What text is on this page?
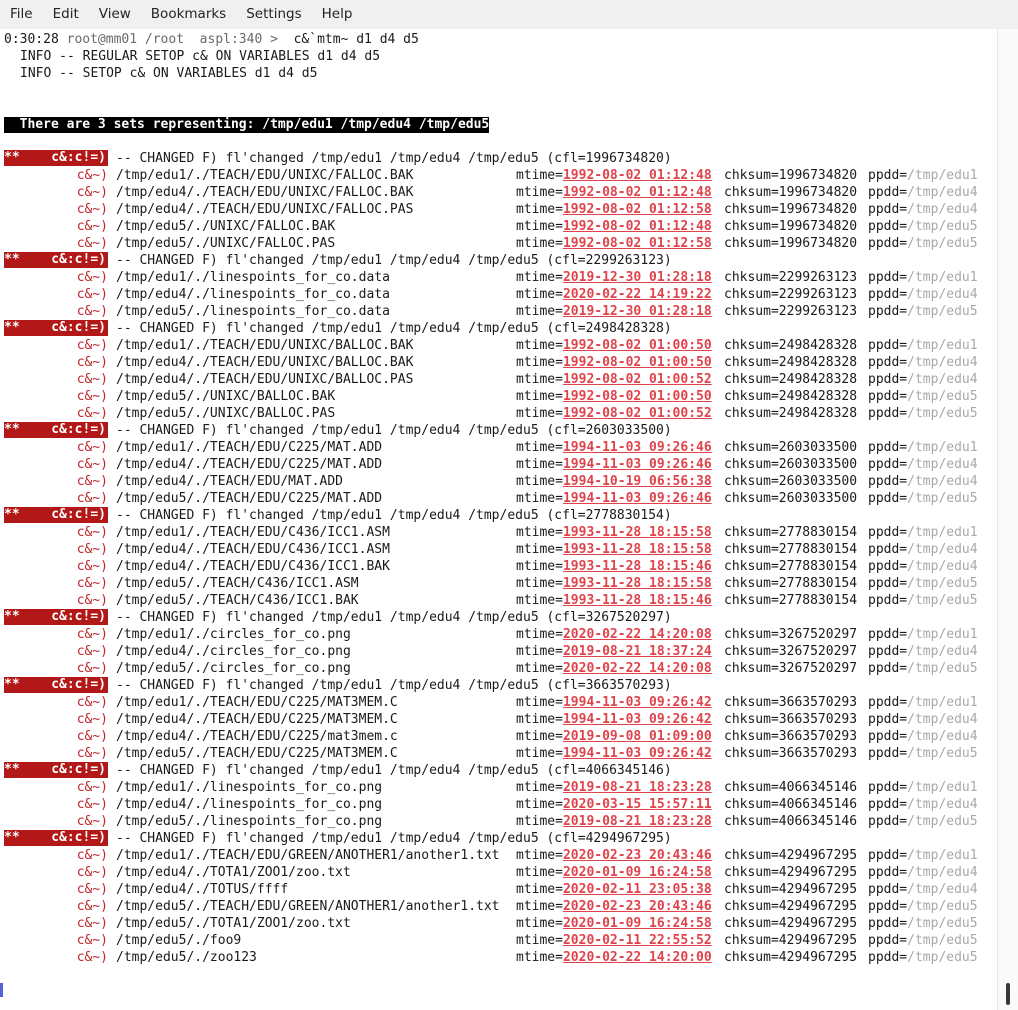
File	Edit	View	Bookmarks	Settings	Help
0:30:28 root@mm01 /root  aspl:340 > c&`mtm~ d1 d4 d5
INFO -- REGULAR SETOP c& ON VARIABLES d1 d4 d5
INFO -- SETOP c& ON VARIABLES d1 d4 d5
There are 3 sets representing: /tmp/edu1 /tmp/edu4 /tmp/edu5
** c&:c!=) -- CHANGED F) fl'changed /tmp/edu1 /tmp/edu4 /tmp/edu5 (cfl=1996734820)
c&~) /tmp/edu1/./TEACH/EDU/UNIXC/FALLOC.BAK	mtime=1992-08-02 01:12:48 chksum=1996734820 ppdd=/tmp/edu1
c&~) /tmp/edu4/./TEACH/EDU/UNIXC/FALLOC.BAK	mtime=1992-08-02 01:12:48 chksum=1996734820 ppdd=/tmp/edu4
c&~) /tmp/edu4/./TEACH/EDU/UNIXC/FALLOC.PAS	mtime=1992-08-02 01:12:58 chksum=1996734820 ppdd=/tmp/edu4
c&~) /tmp/edu5/./UNIXC/FALLOC.BAK	mtime=1992-08-02 01:12:48 chksum=1996734820 ppdd=/tmp/edu5
c&~) /tmp/edu5/./UNIXC/FALLOC.PAS	mtime=1992-08-02 01:12:58 chksum=1996734820 ppdd=/tmp/edu5
** c&:c!=) -- CHANGED F) fl'changed /tmp/edu1 /tmp/edu4 /tmp/edu5 (cfl=2299263123)
c&~) /tmp/edu1/./linespoints_for_co.data	mtime=2019-12-30 01:28:18 chksum=2299263123 ppdd=/tmp/edu1
c&~) /tmp/edu4/./linespoints_for_co.data	mtime=2020-02-22 14:19:22 chksum=2299263123 ppdd=/tmp/edu4
c&~) /tmp/edu5/./linespoints_for_co.data	mtime=2019-12-30 01:28:18 chksum=2299263123 ppdd=/tmp/edu5
** c&:c!=) -- CHANGED F) fl'changed /tmp/edu1 /tmp/edu4 /tmp/edu5 (cfl=2498428328)
c&~) /tmp/edu1/./TEACH/EDU/UNIXC/BALLOC.BAK	mtime=1992-08-02 01:00:50 chksum=2498428328 ppdd=/tmp/edu1
c&~) /tmp/edu4/./TEACH/EDU/UNIXC/BALLOC.BAK	mtime=1992-08-02 01:00:50 chksum=2498428328 ppdd=/tmp/edu4
c&~) /tmp/edu4/./TEACH/EDU/UNIXC/BALLOC.PAS	mtime=1992-08-02 01:00:52 chksum=2498428328 ppdd=/tmp/edu4
c&~) /tmp/edu5/./UNIXC/BALLOC.BAK	mtime=1992-08-02 01:00:50 chksum=2498428328 ppdd=/tmp/edu5
c&~) /tmp/edu5/./UNIXC/BALLOC.PAS	mtime=1992-08-02 01:00:52 chksum=2498428328 ppdd=/tmp/edu5
** c&:c!=) -- CHANGED F) fl'changed /tmp/edu1 /tmp/edu4 /tmp/edu5 (cfl=2603033500)
c&~) /tmp/edu1/./TEACH/EDU/C225/MAT.ADD	mtime=1994-11-03 09:26:46 chksum=2603033500 ppdd=/tmp/edu1
c&~) /tmp/edu4/./TEACH/EDU/C225/MAT.ADD	mtime=1994-11-03 09:26:46 chksum=2603033500 ppdd=/tmp/edu4
c&~) /tmp/edu4/./TEACH/EDU/MAT.ADD	mtime=1994-10-19 06:56:38 chksum=2603033500 ppdd=/tmp/edu4
c&~) /tmp/edu5/./TEACH/EDU/C225/MAT.ADD	mtime=1994-11-03 09:26:46 chksum=2603033500 ppdd=/tmp/edu5
** c&:c!=) -- CHANGED F) fl'changed /tmp/edu1 /tmp/edu4 /tmp/edu5 (cfl=2778830154)
c&~) /tmp/edu1/./TEACH/EDU/C436/ICC1.ASM	mtime=1993-11-28 18:15:58 chksum=2778830154 ppdd=/tmp/edu1
c&~) /tmp/edu4/./TEACH/EDU/C436/ICC1.ASM	mtime=1993-11-28 18:15:58 chksum=2778830154 ppdd=/tmp/edu4
c&~) /tmp/edu4/./TEACH/EDU/C436/ICC1.BAK	mtime=1993-11-28 18:15:46 chksum=2778830154 ppdd=/tmp/edu4
c&~) /tmp/edu5/./TEACH/C436/ICC1.ASM	mtime=1993-11-28 18:15:58 chksum=2778830154 ppdd=/tmp/edu5
c&~) /tmp/edu5/./TEACH/C436/ICC1.BAK	mtime=1993-11-28 18:15:46 chksum=2778830154 ppdd=/tmp/edu5
** c&:c!=) -- CHANGED F) fl'changed /tmp/edu1 /tmp/edu4 /tmp/edu5 (cfl=3267520297)
c&~) /tmp/edu1/./circles_for_co.png	mtime=2020-02-22 14:20:08 chksum=3267520297 ppdd=/tmp/edu1
c&~) /tmp/edu4/./circles_for_co.png	mtime=2019-08-21 18:37:24 chksum=3267520297 ppdd=/tmp/edu4
c&~) /tmp/edu5/./circles_for_co.png	mtime=2020-02-22 14:20:08 chksum=3267520297 ppdd=/tmp/edu5
** c&:c!=) -- CHANGED F) fl'changed /tmp/edu1 /tmp/edu4 /tmp/edu5 (cfl=3663570293)
c&~) /tmp/edu1/./TEACH/EDU/C225/MAT3MEM.C	mtime=1994-11-03 09:26:42 chksum=3663570293 ppdd=/tmp/edu1
c&~) /tmp/edu4/./TEACH/EDU/C225/MAT3MEM.C	mtime=1994-11-03 09:26:42 chksum=3663570293 ppdd=/tmp/edu4
c&~) /tmp/edu4/./TEACH/EDU/C225/mat3mem.c	mtime=2019-09-08 01:09:00 chksum=3663570293 ppdd=/tmp/edu4
c&~) /tmp/edu5/./TEACH/EDU/C225/MAT3MEM.C	mtime=1994-11-03 09:26:42 chksum=3663570293 ppdd=/tmp/edu5
** c&:c!=) -- CHANGED F) fl'changed /tmp/edu1 /tmp/edu4 /tmp/edu5 (cfl=4066345146)
c&~) /tmp/edu1/./linespoints_for_co.png	mtime=2019-08-21 18:23:28 chksum=4066345146 ppdd=/tmp/edu1
c&~) /tmp/edu4/./linespoints_for_co.png	mtime=2020-03-15 15:57:11 chksum=4066345146 ppdd=/tmp/edu4
c&~) /tmp/edu5/./linespoints_for_co.png	mtime=2019-08-21 18:23:28 chksum=4066345146 ppdd=/tmp/edu5
** c&:c!=) -- CHANGED F) fl'changed /tmp/edu1 /tmp/edu4 /tmp/edu5 (cfl=4294967295)
c&~) /tmp/edu1/./TEACH/EDU/GREEN/ANOTHER1/another1.txt mtime=2020-02-23 20:43:46 chksum=4294967295 ppdd=/tmp/edu1
c&~) /tmp/edu4/./TOTA1/ZOO1/zoo.txt	mtime=2020-01-09 16:24:58 chksum=4294967295 ppdd=/tmp/edu4
c&~) /tmp/edu4/./TOTUS/ffff	mtime=2020-02-11 23:05:38 chksum=4294967295 ppdd=/tmp/edu4
c&~) /tmp/edu5/./TEACH/EDU/GREEN/ANOTHER1/another1.txt mtime=2020-02-23 20:43:46 chksum=4294967295 ppdd=/tmp/edu5
c&~) /tmp/edu5/./TOTA1/ZOO1/zoo.txt	mtime=2020-01-09 16:24:58 chksum=4294967295 ppdd=/tmp/edu5
c&~) /tmp/edu5/./foo9	mtime=2020-02-11 22:55:52 chksum=4294967295 ppdd=/tmp/edu5
c&~) /tmp/edu5/./zoo123	mtime=2020-02-22 14:20:00 chksum=4294967295 ppdd=/tmp/edu5
